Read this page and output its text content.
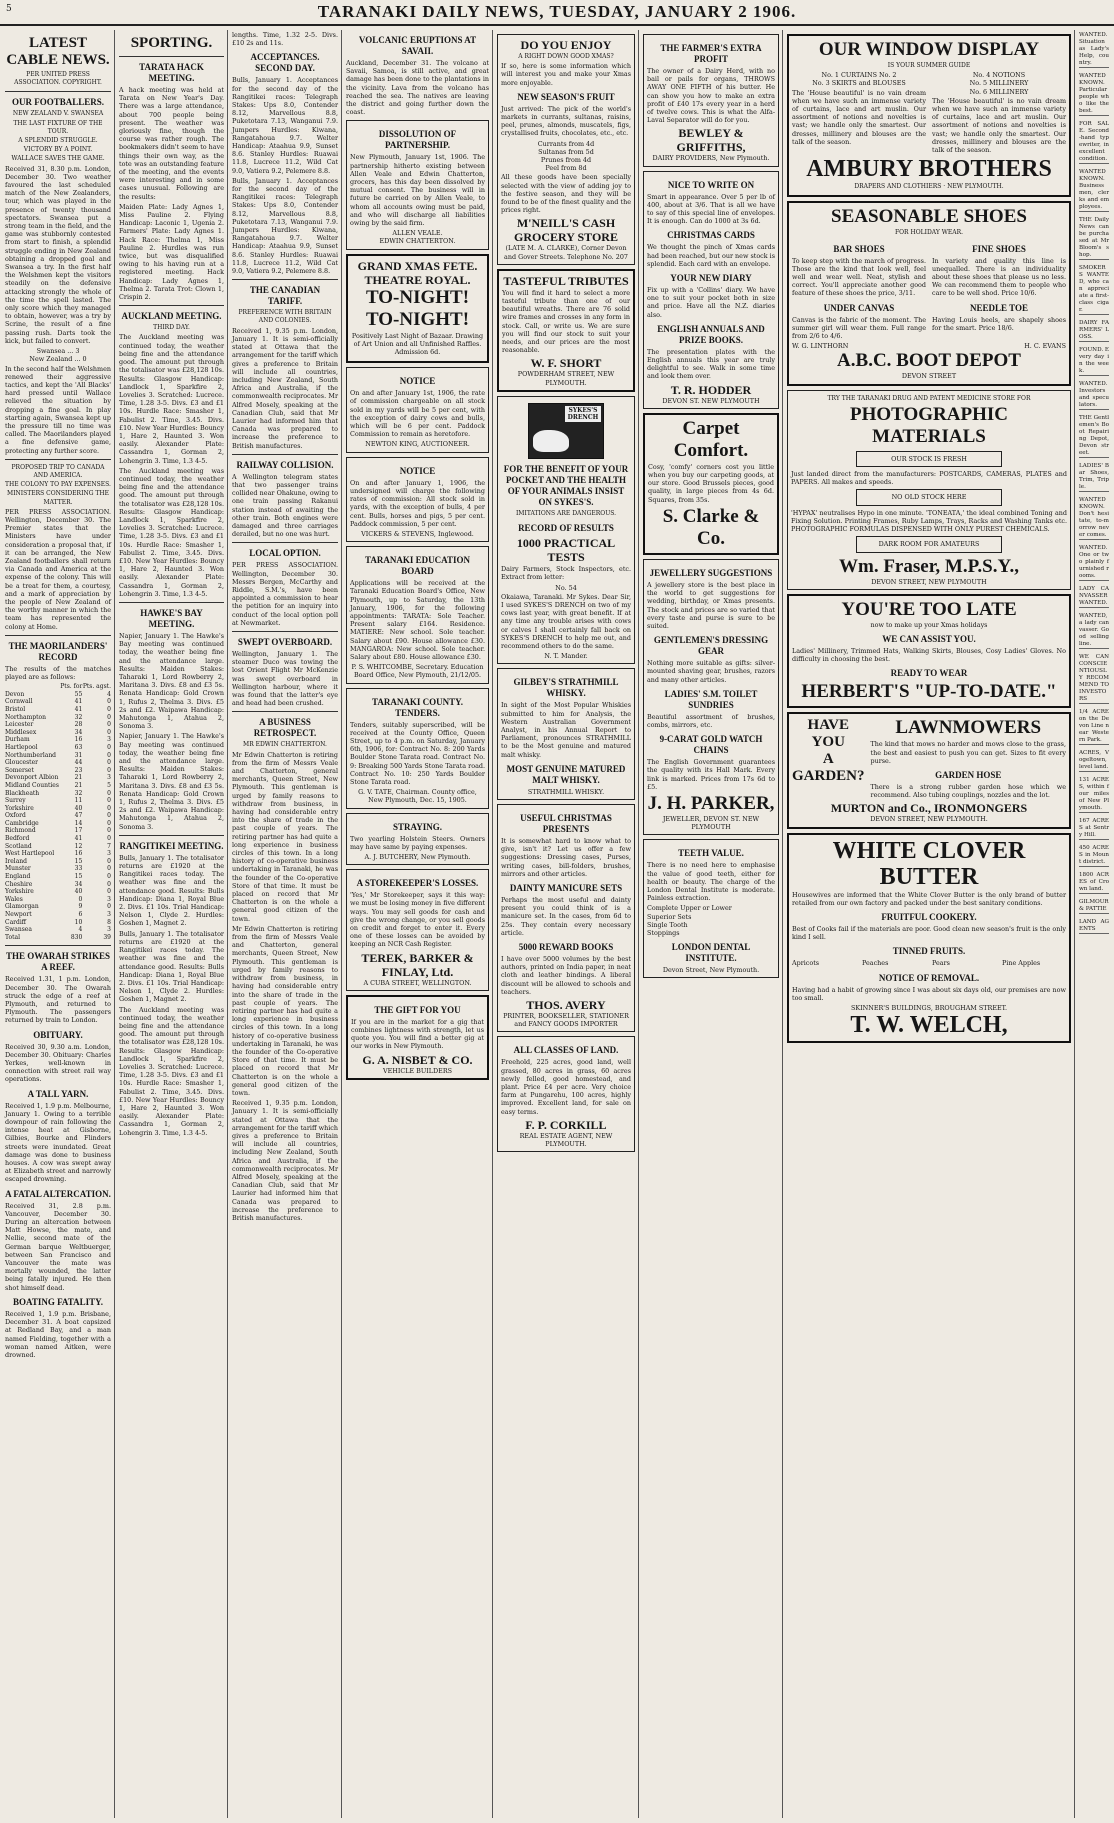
5	TARANAKI DAILY NEWS, TUESDAY, JANUARY 2 1906.
LATEST CABLE NEWS.
PER UNITED PRESS ASSOCIATION. COPYRIGHT.
OUR FOOTBALLERS.
NEW ZEALAND V. SWANSEA
THE LAST FIXTURE OF THE TOUR.
A SPLENDID STRUGGLE.
VICTORY BY A POINT.
WALLACE SAVES THE GAME.
Received 31, 8.30 p.m. London, December 30. Two weather favoured the last scheduled match of the New Zealanders, tour, which was played in the presence of twenty thousand spectators. Swansea put a strong team in the field, and the game was stubbornly contested from start to finish, a splendid struggle ending in New Zealand obtaining a dropped goal and Swansea a try. In the first half the Welshmen kept the visitors steadily on the defensive attacking strongly the whole of the time the spell lasted. The only score which they managed to obtain, however, was a try by Scrine, the result of a fine passing rush. Darts took the kick, but failed to convert.
Swansea ... 3
New Zealand ... 0
In the second half the Welshmen renewed their aggressive tactics, and kept the 'All Blacks' hard pressed until Wallace relieved the situation by dropping a fine goal. In play starting again, Swansea kept up the pressure till no time was called. The Maorilanders played a fine defensive game, protecting any further score.
PROPOSED TRIP TO CANADA AND AMERICA.
THE COLONY TO PAY EXPENSES.
MINISTERS CONSIDERING THE MATTER.
PER PRESS ASSOCIATION. Wellington, December 30. The Premier states that the Ministers have under consideration a proposal that, if it can be arranged, the New Zealand footballers shall return via Canada and America at the expense of the colony. This will be a treat for them, a courtesy, and a mark of appreciation by the people of New Zealand of the worthy manner in which the team has represented the colony at Home.
THE MAORILANDERS' RECORD
The results of the matches played are as follows:
	Pts. for	Pts. agst.
Devon	55	4
Cornwall	41	0
Bristol	41	0
Northampton	32	0
Leicester	28	0
Middlesex	34	0
Durham	16	3
Hartlepool	63	0
Northumberland	31	0
Gloucester	44	0
Somerset	23	0
Devonport Albion	21	3
Midland Counties	21	5
Blackheath	32	0
Surrey	11	0
Yorkshire	40	0
Oxford	47	0
Cambridge	14	0
Richmond	17	0
Bedford	41	0
Scotland	12	7
West Hartlepool	16	3
Ireland	15	0
Munster	33	0
England	15	0
Cheshire	34	0
Yorkshire	40	0
Wales	0	3
Glamorgan	9	0
Newport	6	3
Cardiff	10	8
Swansea	4	3
Total	830	39
THE OWARAH STRIKES A REEF.
Received 1.31, 1 p.m. London, December 30. The Owarah struck the edge of a reef at Plymouth, and returned to Plymouth. The passengers returned by train to London.
OBITUARY.
Received 30, 9.30 a.m. London, December 30. Obituary: Charles Yerkes, well-known in connection with street rail way operations.
A TALL YARN.
Received 1, 1.9 p.m. Melbourne, January 1. Owing to a terrible downpour of rain following the intense heat at Gisborne, Gilbies, Bourke and Flinders streets were inundated. Great damage was done to business houses. A cow was swept away at Elizabeth street and narrowly escaped drowning.
A FATAL ALTERCATION.
Received 31, 2.8 p.m. Vancouver, December 30. During an altercation between Matt Howse, the mate, and Nellie, second mate of the German barque Weltbuerger, between San Francisco and Vancouver the mate was mortally wounded, the latter being fatally injured. He then shot himself dead.
BOATING FATALITY.
Received 1, 1.9 p.m. Brisbane, December 31. A boat capsized at Redland Bay, and a man named Fielding, together with a woman named Aitken, were drowned.
SPORTING.
TARATA HACK MEETING.
A hack meeting was held at Tarata on New Year's Day. There was a large attendance, about 700 people being present. The weather was gloriously fine, though the course was rather rough. The bookmakers didn't seem to have things their own way, as the tote was an outstanding feature of the meeting, and the events were interesting and in some cases unusual. Following are the results:
Maiden Plate: Lady Agnes 1, Miss Pauline 2. Flying Handicap: Laconic 1, Ugenia 2. Farmers' Plate: Lady Agnes 1. Hack Race: Thelma 1, Miss Pauline 2. Hurdles was run twice, but was disqualified owing to his having run at a registered meeting. Hack Handicap: Lady Agnes 1, Thelma 2. Tarata Trot: Clown 1, Crispin 2.
AUCKLAND MEETING.
THIRD DAY.
The Auckland meeting was continued today, the weather being fine and the attendance good. The amount put through the totalisator was £28,128 10s. Results: Glasgow Handicap: Landlock 1, Sparkfire 2, Lovelies 3. Scratched: Lucrece. Time, 1.28 3-5. Divs. £3 and £1 10s. Hurdle Race: Smasher 1, Fabulist 2. Time, 3.45. Divs. £10. New Year Hurdles: Bouncy 1, Hare 2, Haunted 3. Won easily. Alexander Plate: Cassandra 1, Gorman 2, Lohengrin 3. Time, 1.3 4-5.
The Auckland meeting was continued today, the weather being fine and the attendance good. The amount put through the totalisator was £28,128 10s. Results: Glasgow Handicap: Landlock 1, Sparkfire 2, Lovelies 3. Scratched: Lucrece. Time, 1.28 3-5. Divs. £3 and £1 10s. Hurdle Race: Smasher 1, Fabulist 2. Time, 3.45. Divs. £10. New Year Hurdles: Bouncy 1, Hare 2, Haunted 3. Won easily. Alexander Plate: Cassandra 1, Gorman 2, Lohengrin 3. Time, 1.3 4-5.
HAWKE'S BAY MEETING.
Napier, January 1. The Hawke's Bay meeting was continued today, the weather being fine and the attendance large. Results: Maiden Stakes: Taharaki 1, Lord Rowberry 2, Maritana 3. Divs. £8 and £3 5s. Renata Handicap: Gold Crown 1, Rufus 2, Thelma 3. Divs. £5 2s and £2. Waipawa Handicap: Mahutonga 1, Atahua 2, Sonoma 3.
Napier, January 1. The Hawke's Bay meeting was continued today, the weather being fine and the attendance large. Results: Maiden Stakes: Taharaki 1, Lord Rowberry 2, Maritana 3. Divs. £8 and £3 5s. Renata Handicap: Gold Crown 1, Rufus 2, Thelma 3. Divs. £5 2s and £2. Waipawa Handicap: Mahutonga 1, Atahua 2, Sonoma 3.
RANGITIKEI MEETING.
Bulls, January 1. The totalisator returns are £1920 at the Rangitikei races today. The weather was fine and the attendance good. Results: Bulls Handicap: Diana 1, Royal Blue 2. Divs. £1 10s. Trial Handicap: Nelson 1, Clyde 2. Hurdles: Goshen 1, Magnet 2.
Bulls, January 1. The totalisator returns are £1920 at the Rangitikei races today. The weather was fine and the attendance good. Results: Bulls Handicap: Diana 1, Royal Blue 2. Divs. £1 10s. Trial Handicap: Nelson 1, Clyde 2. Hurdles: Goshen 1, Magnet 2.
The Auckland meeting was continued today, the weather being fine and the attendance good. The amount put through the totalisator was £28,128 10s. Results: Glasgow Handicap: Landlock 1, Sparkfire 2, Lovelies 3. Scratched: Lucrece. Time, 1.28 3-5. Divs. £3 and £1 10s. Hurdle Race: Smasher 1, Fabulist 2. Time, 3.45. Divs. £10. New Year Hurdles: Bouncy 1, Hare 2, Haunted 3. Won easily. Alexander Plate: Cassandra 1, Gorman 2, Lohengrin 3. Time, 1.3 4-5.
lengths. Time, 1.32 2-5. Divs. £10 2s and 11s.
ACCEPTANCES. SECOND DAY.
Bulls, January 1. Acceptances for the second day of the Rangitikei races: Telegraph Stakes: Ups 8.0, Contender 8.12, Marvellous 8.8, Puketotara 7.13, Wanganui 7.9. Jumpers Hurdles: Kiwana, Rangatahoua 9.7. Welter Handicap: Ataahua 9.9, Sunset 8.6. Stanley Hurdles: Ruawai 11.8, Lucrece 11.2, Wild Cat 9.0, Vatiera 9.2, Pelemere 8.8.
Bulls, January 1. Acceptances for the second day of the Rangitikei races: Telegraph Stakes: Ups 8.0, Contender 8.12, Marvellous 8.8, Puketotara 7.13, Wanganui 7.9. Jumpers Hurdles: Kiwana, Rangatahoua 9.7. Welter Handicap: Ataahua 9.9, Sunset 8.6. Stanley Hurdles: Ruawai 11.8, Lucrece 11.2, Wild Cat 9.0, Vatiera 9.2, Pelemere 8.8.
THE CANADIAN TARIFF.
PREFERENCE WITH BRITAIN AND COLONIES.
Received 1, 9.35 p.m. London, January 1. It is semi-officially stated at Ottawa that the arrangement for the tariff which gives a preference to Britain will include all countries, including New Zealand, South Africa and Australia, if the commonwealth reciprocates. Mr Alfred Mosely, speaking at the Canadian Club, said that Mr Laurier had informed him that Canada was prepared to increase the preference to British manufactures.
RAILWAY COLLISION.
A Wellington telegram states that two passenger trains collided near Ohakune, owing to one train passing Rakanui station instead of awaiting the other train. Both engines were damaged and three carriages derailed, but no one was hurt.
LOCAL OPTION.
PER PRESS ASSOCIATION. Wellington, December 30. Messrs Bergen, McCarthy and Riddle, S.M.'s, have been appointed a commission to hear the petition for an inquiry into conduct of the local option poll at Newmarket.
SWEPT OVERBOARD.
Wellington, January 1. The steamer Duco was towing the lost Orient Flight Mr McKenzie was swept overboard in Wellington harbour, where it was found that the latter's eye and head had been crushed.
A BUSINESS RETROSPECT.
MR EDWIN CHATTERTON.
Mr Edwin Chatterton is retiring from the firm of Messrs Veale and Chatterton, general merchants, Queen Street, New Plymouth. This gentleman is urged by family reasons to withdraw from business, in having had considerable entry into the share of trade in the past couple of years. The retiring partner has had quite a long experience in business circles of this town. In a long history of co-operative business undertaking in Taranaki, he was the founder of the Co-operative Store of that time. It must be placed on record that Mr Chatterton is on the whole a general good citizen of the town.
Mr Edwin Chatterton is retiring from the firm of Messrs Veale and Chatterton, general merchants, Queen Street, New Plymouth. This gentleman is urged by family reasons to withdraw from business, in having had considerable entry into the share of trade in the past couple of years. The retiring partner has had quite a long experience in business circles of this town. In a long history of co-operative business undertaking in Taranaki, he was the founder of the Co-operative Store of that time. It must be placed on record that Mr Chatterton is on the whole a general good citizen of the town.
Received 1, 9.35 p.m. London, January 1. It is semi-officially stated at Ottawa that the arrangement for the tariff which gives a preference to Britain will include all countries, including New Zealand, South Africa and Australia, if the commonwealth reciprocates. Mr Alfred Mosely, speaking at the Canadian Club, said that Mr Laurier had informed him that Canada was prepared to increase the preference to British manufactures.
VOLCANIC ERUPTIONS AT SAVAII.
Auckland, December 31. The volcano at Savaii, Samoa, is still active, and great damage has been done to the plantations in the vicinity. Lava from the volcano has reached the sea. The natives are leaving the district and going further down the coast.
DISSOLUTION OF PARTNERSHIP.
New Plymouth, January 1st, 1906. The partnership hitherto existing between Allen Veale and Edwin Chatterton, grocers, has this day been dissolved by mutual consent. The business will in future be carried on by Allen Veale, to whom all accounts owing must be paid, and who will discharge all liabilities owing by the said firm.
ALLEN VEALE.
EDWIN CHATTERTON.
GRAND XMAS FETE.
THEATRE ROYAL.
TO-NIGHT!
TO-NIGHT!
Positively Last Night of Bazaar. Drawing of Art Union and all Unfinished Raffles. Admission 6d.
NOTICE
On and after January 1st, 1906, the rate of commission chargeable on all stock sold in my yards will be 5 per cent, with the exception of dairy cows and bulls, which will be 6 per cent. Paddock Commission to remain as heretofore.
NEWTON KING, AUCTIONEER.
NOTICE
On and after January 1, 1906, the undersigned will charge the following rates of commission: All stock sold in yards, with the exception of bulls, 4 per cent. Bulls, horses and pigs, 5 per cent. Paddock commission, 5 per cent.
VICKERS & STEVENS, Inglewood.
TARANAKI EDUCATION BOARD
Applications will be received at the Taranaki Education Board's Office, New Plymouth, up to Saturday, the 13th January, 1906, for the following appointments: TARATA: Sole Teacher. Present salary £164. Residence. MATIERE: New school. Sole teacher. Salary about £90. House allowance £30. MANGAROA: New school. Sole teacher. Salary about £80. House allowance £30.
P. S. WHITCOMBE, Secretary. Education Board Office, New Plymouth, 21/12/05.
TARANAKI COUNTY. TENDERS.
Tenders, suitably superscribed, will be received at the County Office, Queen Street, up to 4 p.m. on Saturday, January 6th, 1906, for: Contract No. 8: 200 Yards Boulder Stone Tarata road. Contract No. 9: Breaking 500 Yards Stone Tarata road. Contract No. 10: 250 Yards Boulder Stone Tarata road.
G. V. TATE, Chairman. County office, New Plymouth, Dec. 15, 1905.
STRAYING.
Two yearling Holstein Steers. Owners may have same by paying expenses.
A. J. BUTCHERY, New Plymouth.
A STOREKEEPER'S LOSSES.
'Yes,' Mr Storekeeper, says it this way: we must be losing money in five different ways. You may sell goods for cash and give the wrong change, or you sell goods on credit and forget to enter it. Every one of these losses can be avoided by keeping an NCR Cash Register.
TEREK, BARKER & FINLAY, Ltd.
A CUBA STREET, WELLINGTON.
THE GIFT FOR YOU
If you are in the market for a gig that combines lightness with strength, let us quote you. You will find a better gig at our works in New Plymouth.
G. A. NISBET & CO.
VEHICLE BUILDERS
DO YOU ENJOY
A RIGHT DOWN GOOD XMAS?
If so, here is some information which will interest you and make your Xmas more enjoyable.
NEW SEASON'S FRUIT
Just arrived: The pick of the world's markets in currants, sultanas, raisins, peel, prunes, almonds, muscatels, figs, crystallised fruits, chocolates, etc., etc.
Currants from 4d
Sultanas from 5d
Prunes from 4d
Peel from 8d
All these goods have been specially selected with the view of adding joy to the festive season, and they will be found to be of the finest quality and the prices right.
M'NEILL'S CASH GROCERY STORE
(LATE M. A. CLARKE), Corner Devon and Gover Streets. Telephone No. 207
TASTEFUL TRIBUTES
You will find it hard to select a more tasteful tribute than one of our beautiful wreaths. There are 76 solid wire frames and crosses in any form in stock. Call, or write us. We are sure you will find our stock to suit your needs, and our prices are the most reasonable.
W. F. SHORT
POWDERHAM STREET, NEW PLYMOUTH.
SYKES'S DRENCH
FOR THE BENEFIT OF YOUR POCKET AND THE HEALTH OF YOUR ANIMALS INSIST ON SYKES'S.
IMITATIONS ARE DANGEROUS.
RECORD OF RESULTS
1000 PRACTICAL TESTS
Dairy Farmers, Stock Inspectors, etc. Extract from letter:
No. 54
Okaiawa, Taranaki. Mr Sykes. Dear Sir, I used SYKES'S DRENCH on two of my cows last year, with great benefit. If at any time any trouble arises with cows or calves I shall certainly fall back on SYKES'S DRENCH to help me out, and recommend others to do the same.
N. T. Mander.
GILBEY'S STRATHMILL WHISKY.
In sight of the Most Popular Whiskies submitted to him for Analysis, the Western Australian Government Analyst, in his Annual Report to Parliament, pronounces STRATHMILL to be the Most genuine and matured malt whisky.
MOST GENUINE MATURED MALT WHISKY.
STRATHMILL WHISKY.
USEFUL CHRISTMAS PRESENTS
It is somewhat hard to know what to give, isn't it? Let us offer a few suggestions: Dressing cases, Purses, writing cases, bill-folders, brushes, mirrors and other articles.
DAINTY MANICURE SETS
Perhaps the most useful and dainty present you could think of is a manicure set. In the cases, from 6d to 25s. They contain every necessary article.
5000 REWARD BOOKS
I have over 5000 volumes by the best authors, printed on India paper, in neat cloth and leather bindings. A liberal discount will be allowed to schools and teachers.
THOS. AVERY
PRINTER, BOOKSELLER, STATIONER and FANCY GOODS IMPORTER
ALL CLASSES OF LAND.
Freehold, 225 acres, good land, well grassed, 80 acres in grass, 60 acres newly felled, good homestead, and plant. Price £4 per acre. Very choice farm at Pungarehu, 100 acres, highly improved. Excellent land, for sale on easy terms.
F. P. CORKILL
REAL ESTATE AGENT, NEW PLYMOUTH.
THE FARMER'S EXTRA PROFIT
The owner of a Dairy Herd, with no bail or pails for organs, THROWS AWAY ONE FIFTH of his butter. He can show you how to make an extra profit of £40 17s every year in a herd of twelve cows. This is what the Alfa-Laval Separator will do for you.
BEWLEY & GRIFFITHS,
DAIRY PROVIDERS, New Plymouth.
NICE TO WRITE ON
Smart in appearance. Over 5 per lb of 400, about at 3/6. That is all we have to say of this special line of envelopes. It is enough. Can do 1000 at 3s 6d.
CHRISTMAS CARDS
We thought the pinch of Xmas cards had been reached, but our new stock is splendid. Each card with an envelope.
YOUR NEW DIARY
Fix up with a 'Collins' diary. We have one to suit your pocket both in size and price. Have all the N.Z. diaries also.
ENGLISH ANNUALS AND PRIZE BOOKS.
The presentation plates with the English annuals this year are truly delightful to see. Walk in some time and look them over.
T. R. HODDER
DEVON ST. NEW PLYMOUTH
Carpet Comfort.
Cosy, 'comfy' corners cost you little when you buy our carpeting goods, at our store. Good Brussels pieces, good quality, in large pieces from 4s 6d. Squares, from 35s.
S. Clarke & Co.
JEWELLERY SUGGESTIONS
A jewellery store is the best place in the world to get suggestions for wedding, birthday, or Xmas presents. The stock and prices are so varied that every taste and purse is sure to be suited.
GENTLEMEN'S DRESSING GEAR
Nothing more suitable as gifts: silver-mounted shaving gear, brushes, razors and many other articles.
LADIES' S.M. TOILET SUNDRIES
Beautiful assortment of brushes, combs, mirrors, etc.
9-CARAT GOLD WATCH CHAINS
The English Government guarantees the quality with its Hall Mark. Every link is marked. Prices from 17s 6d to £5.
J. H. PARKER,
JEWELLER, DEVON ST. NEW PLYMOUTH
TEETH VALUE.
There is no need here to emphasise the value of good teeth, either for health or beauty. The charge of the London Dental Institute is moderate. Painless extraction.
Complete Upper or Lower
Superior Sets
Single Tooth
Stoppings
LONDON DENTAL INSTITUTE.
Devon Street, New Plymouth.
OUR WINDOW DISPLAY
IS YOUR SUMMER GUIDE
No. 1 CURTAINS No. 2
No. 3 SKIRTS and BLOUSES
The 'House beautiful' is no vain dream when we have such an immense variety of curtains, lace and art muslin. Our assortment of notions and novelties is vast; we handle only the smartest. Our dresses, millinery and blouses are the talk of the season.
No. 4 NOTIONS
No. 5 MILLINERY
No. 6 MILLINERY
The 'House beautiful' is no vain dream when we have such an immense variety of curtains, lace and art muslin. Our assortment of notions and novelties is vast; we handle only the smartest. Our dresses, millinery and blouses are the talk of the season.
AMBURY BROTHERS
DRAPERS AND CLOTHIERS · NEW PLYMOUTH.
SEASONABLE SHOES
FOR HOLIDAY WEAR.
BAR SHOES
To keep step with the march of progress. Those are the kind that look well, feel well and wear well. Neat, stylish and correct. You'll appreciate another good feature of these shoes the price, 3/11.
UNDER CANVAS
Canvas is the fabric of the moment. The summer girl will wear them. Full range from 2/6 to 4/6.
FINE SHOES
In variety and quality this line is unequalled. There is an individuality about these shoes that please us no less. We can recommend them to people who care to be well shod. Price 10/6.
NEEDLE TOE
Having Louis heels, are shapely shoes for the smart. Price 18/6.
W. G. LINTHORN	H. C. EVANS
A.B.C. BOOT DEPOT
DEVON STREET
TRY THE TARANAKI DRUG AND PATENT MEDICINE STORE FOR
PHOTOGRAPHIC MATERIALS
OUR STOCK IS FRESH
Just landed direct from the manufacturers: POSTCARDS, CAMERAS, PLATES and PAPERS. All makes and speeds.
NO OLD STOCK HERE
'HYPAX' neutralises Hypo in one minute. 'TONEATA,' the ideal combined Toning and Fixing Solution. Printing Frames, Ruby Lamps, Trays, Racks and Washing Tanks etc. PHOTOGRAPHIC FORMULAS DISPENSED WITH ONLY PUREST CHEMICALS.
DARK ROOM FOR AMATEURS
Wm. Fraser, M.P.S.Y.,
DEVON STREET, NEW PLYMOUTH
YOU'RE TOO LATE
now to make up your Xmas holidays
WE CAN ASSIST YOU.
Ladies' Millinery, Trimmed Hats, Walking Skirts, Blouses, Cosy Ladies' Gloves. No difficulty in choosing the best.
READY TO WEAR
HERBERT'S "UP-TO-DATE."
HAVE
YOU
A
GARDEN?
LAWNMOWERS
The kind that mows no harder and mows close to the grass, the best and easiest to push you can get. Sizes to fit every purse.
GARDEN HOSE
There is a strong rubber garden hose which we recommend. Also tubing couplings, nozzles and the lot.
MURTON and Co., IRONMONGERS
DEVON STREET, NEW PLYMOUTH.
WHITE CLOVER BUTTER
Housewives are informed that the White Clover Butter is the only brand of butter retailed from our own factory and packed under the best sanitary conditions.
FRUITFUL COOKERY.
Best of Cooks fail if the materials are poor. Good clean new season's fruit is the only kind I sell.
TINNED FRUITS.
Apricots	Peaches	Pears	Pine Apples
NOTICE OF REMOVAL.
Having had a habit of growing since I was about six days old, our premises are now too small.
SKINNER'S BUILDINGS, BROUGHAM STREET.
T. W. WELCH,
WANTED. Situation as Lady's Help, country.
WANTED KNOWN. Particular people who like the best.
FOR SALE. Second-hand typewriter, in excellent condition.
WANTED KNOWN. Business men, clerks and employees.
THE Daily News can be purchased at Mr Bloom's shop.
SMOKERS WANTED, who can appreciate a first-class cigar.
DAIRY FARMERS' LOSS.
FOUND. Every day in the week.
WANTED. Investors and speculators.
THE Gentlemen's Boot Repairing Depot, Devon street.
LADIES' Bar Shoes, Trim, Triple.
WANTED KNOWN. Don't hesitate, to-morrow never comes.
WANTED. One or two plainly furnished rooms.
LADY CANVASSER WANTED.
WANTED, a lady canvasser. Good selling line.
WE CAN CONSCIENTIOUSLY RECOMMEND TO INVESTORS
1/4 ACRE on the Devon Line near Western Park.
ACRES, Vogeltown, level land.
131 ACRES, within four miles of New Plymouth.
167 ACRES at Sentry Hill.
450 ACRES in Mount district.
1800 ACRES of Crown land.
GILMOUR & PATTIE
LAND AGENTS
